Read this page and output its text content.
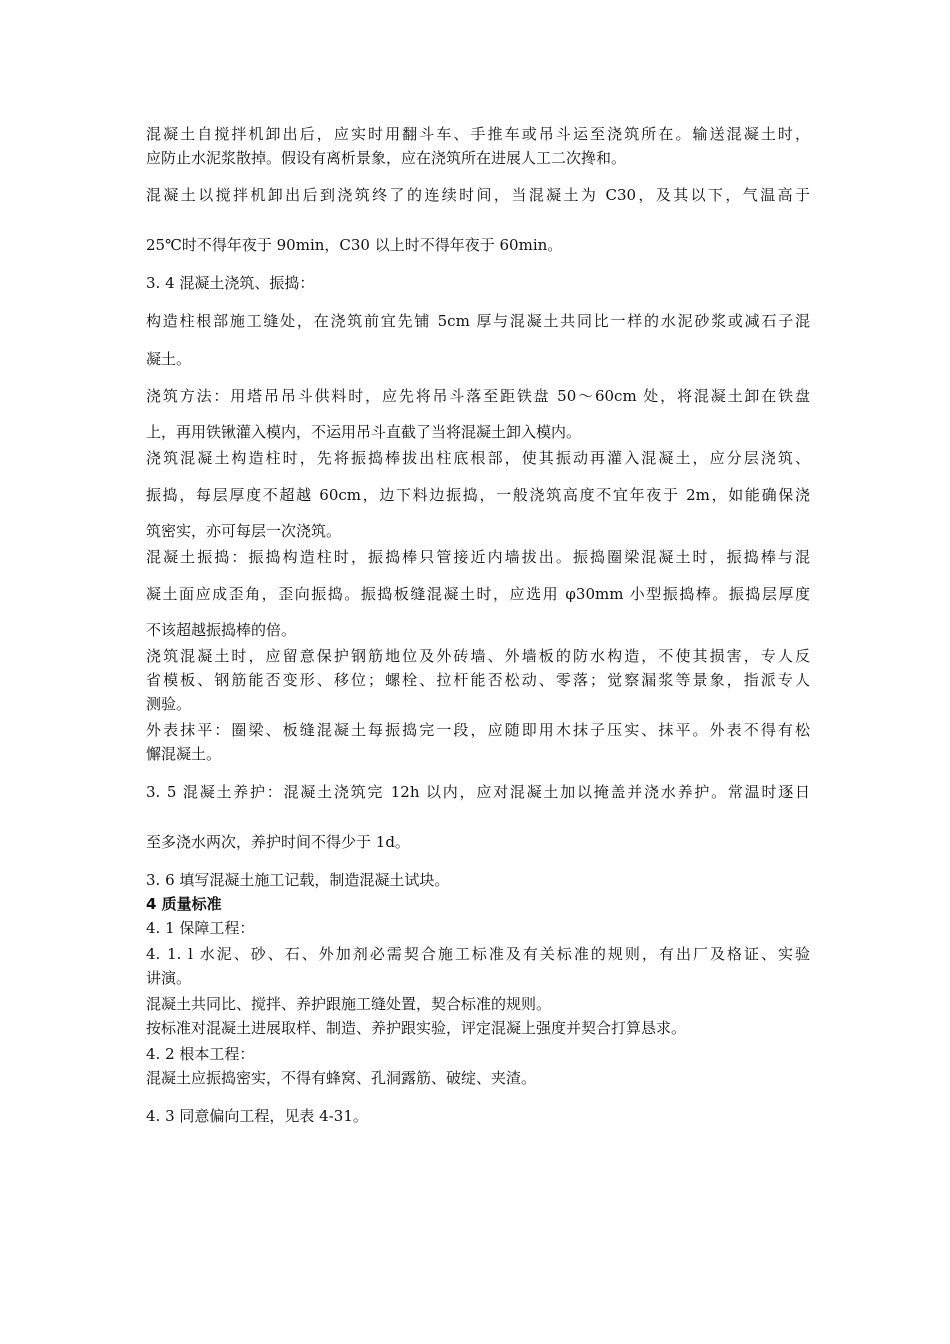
混凝土自搅拌机卸出后，应实时用翻斗车、手推车或吊斗运至浇筑所在。输送混凝土时，
应防止水泥浆散掉。假设有离析景象，应在浇筑所在进展人工二次搀和。
混凝土以搅拌机卸出后到浇筑终了的连续时间，当混凝土为 C30，及其以下，气温高于
25℃时不得年夜于 90min，C30 以上时不得年夜于 60min。
3. 4 混凝土浇筑、振捣：
构造柱根部施工缝处，在浇筑前宜先铺 5cm 厚与混凝土共同比一样的水泥砂浆或减石子混
凝土。
浇筑方法：用塔吊吊斗供料时，应先将吊斗落至距铁盘 50～60cm 处，将混凝土卸在铁盘
上，再用铁锹灌入模内，不运用吊斗直截了当将混凝土卸入模内。
浇筑混凝土构造柱时，先将振捣棒拔出柱底根部，使其振动再灌入混凝土，应分层浇筑、
振捣，每层厚度不超越 60cm，边下料边振捣，一般浇筑高度不宜年夜于 2m，如能确保浇
筑密实，亦可每层一次浇筑。
混凝土振捣：振捣构造柱时，振捣棒只管接近内墙拔出。振捣圈梁混凝土时，振捣棒与混
凝土面应成歪角，歪向振捣。振捣板缝混凝土时，应选用 φ30mm 小型振捣棒。振捣层厚度
不该超越振捣棒的倍。
浇筑混凝土时，应留意保护钢筋地位及外砖墙、外墙板的防水构造，不使其损害，专人反
省模板、钢筋能否变形、移位；螺栓、拉杆能否松动、零落；觉察漏浆等景象，指派专人
测验。
外表抹平：圈梁、板缝混凝土每振捣完一段，应随即用木抹子压实、抹平。外表不得有松
懈混凝土。
3. 5 混凝土养护：混凝土浇筑完 12h 以内，应对混凝土加以掩盖并浇水养护。常温时逐日
至多浇水两次，养护时间不得少于 1d。
3. 6 填写混凝土施工记载，制造混凝土试块。
4 质量标准
4. 1 保障工程：
4. 1. l 水泥、砂、石、外加剂必需契合施工标准及有关标准的规则，有出厂及格证、实验
讲演。
混凝土共同比、搅拌、养护跟施工缝处置，契合标准的规则。
按标准对混凝土进展取样、制造、养护跟实验，评定混凝上强度并契合打算恳求。
4. 2 根本工程：
混凝土应振捣密实，不得有蜂窝、孔洞露筋、破绽、夹渣。
4. 3 同意偏向工程，见表 4-31。
